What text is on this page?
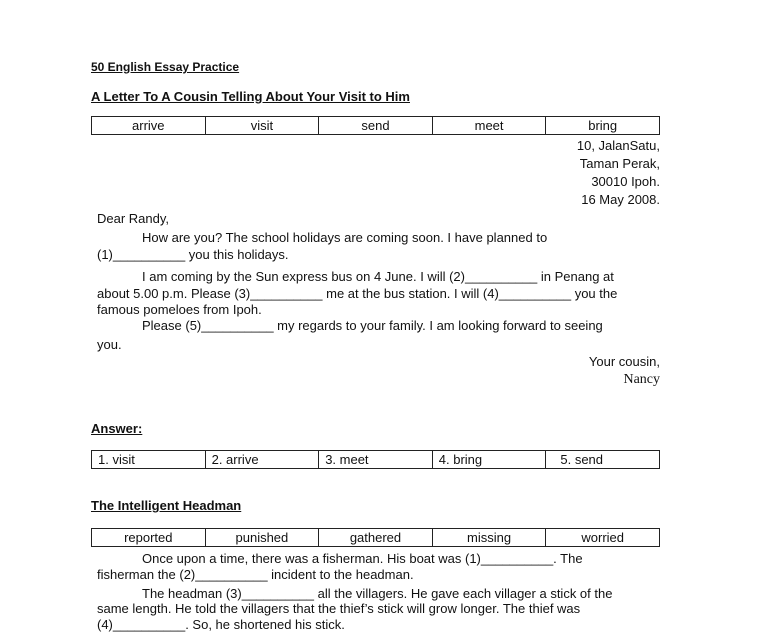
50 English Essay Practice
A Letter To A Cousin Telling About Your Visit to Him
arrive	visit	send	meet	bring
10, JalanSatu,
Taman Perak,
30010 Ipoh.
16 May 2008.
Dear Randy,
How are you? The school holidays are coming soon. I have planned to
(1)__________ you this holidays.
I am coming by the Sun express bus on 4 June. I will (2)__________ in Penang at
about 5.00 p.m. Please (3)__________ me at the bus station. I will (4)__________ you the
famous pomeloes from Ipoh.
Please (5)__________ my regards to your family. I am looking forward to seeing
you.
Your cousin,
Nancy
Answer:
1. visit	2. arrive	3. meet	4. bring	5. send
The Intelligent Headman
reported	punished	gathered	missing	worried
Once upon a time, there was a fisherman. His boat was (1)__________. The
fisherman the (2)__________ incident to the headman.
The headman (3)__________ all the villagers. He gave each villager a stick of the
same length. He told the villagers that the thief’s stick will grow longer. The thief was
(4)__________. So, he shortened his stick.
